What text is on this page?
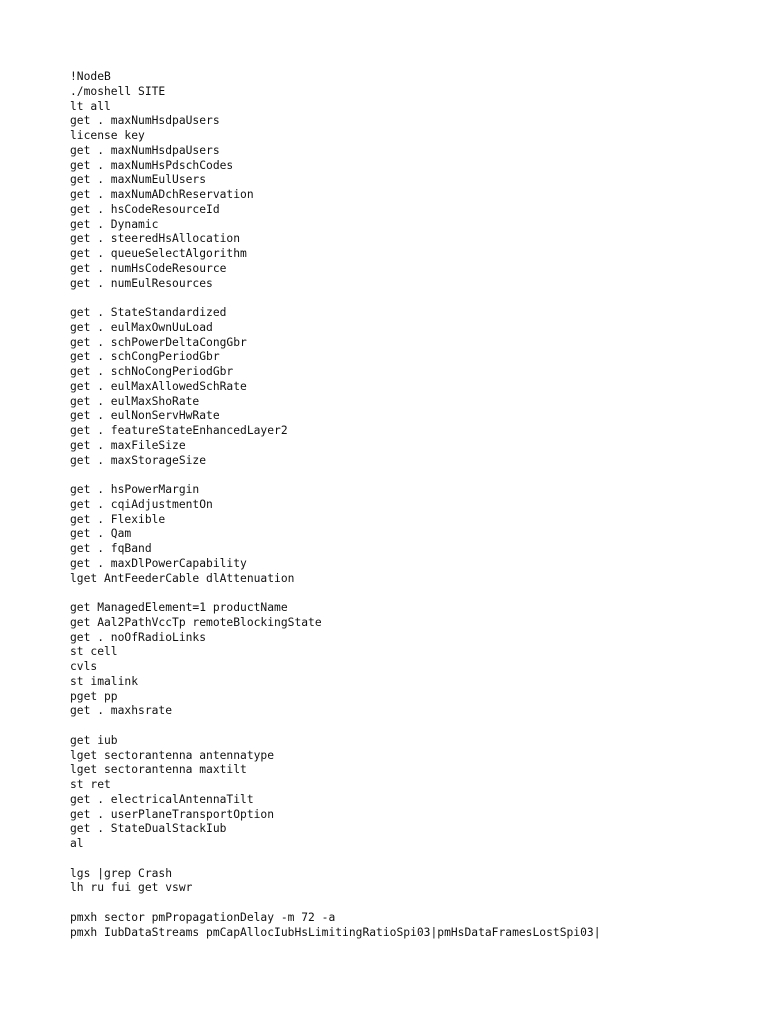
!NodeB
./moshell SITE
lt all
get . maxNumHsdpaUsers
license key
get . maxNumHsdpaUsers
get . maxNumHsPdschCodes
get . maxNumEulUsers
get . maxNumADchReservation
get . hsCodeResourceId
get . Dynamic
get . steeredHsAllocation
get . queueSelectAlgorithm
get . numHsCodeResource
get . numEulResources
get . StateStandardized
get . eulMaxOwnUuLoad
get . schPowerDeltaCongGbr
get . schCongPeriodGbr
get . schNoCongPeriodGbr
get . eulMaxAllowedSchRate
get . eulMaxShoRate
get . eulNonServHwRate
get . featureStateEnhancedLayer2
get . maxFileSize
get . maxStorageSize
get . hsPowerMargin
get . cqiAdjustmentOn
get . Flexible
get . Qam
get . fqBand
get . maxDlPowerCapability
lget AntFeederCable dlAttenuation
get ManagedElement=1 productName
get Aal2PathVccTp remoteBlockingState
get . noOfRadioLinks
st cell
cvls
st imalink
pget pp
get . maxhsrate
get iub
lget sectorantenna antennatype
lget sectorantenna maxtilt
st ret
get . electricalAntennaTilt
get . userPlaneTransportOption
get . StateDualStackIub
al
lgs |grep Crash
lh ru fui get vswr
pmxh sector pmPropagationDelay -m 72 -a
pmxh IubDataStreams pmCapAllocIubHsLimitingRatioSpi03|pmHsDataFramesLostSpi03|
